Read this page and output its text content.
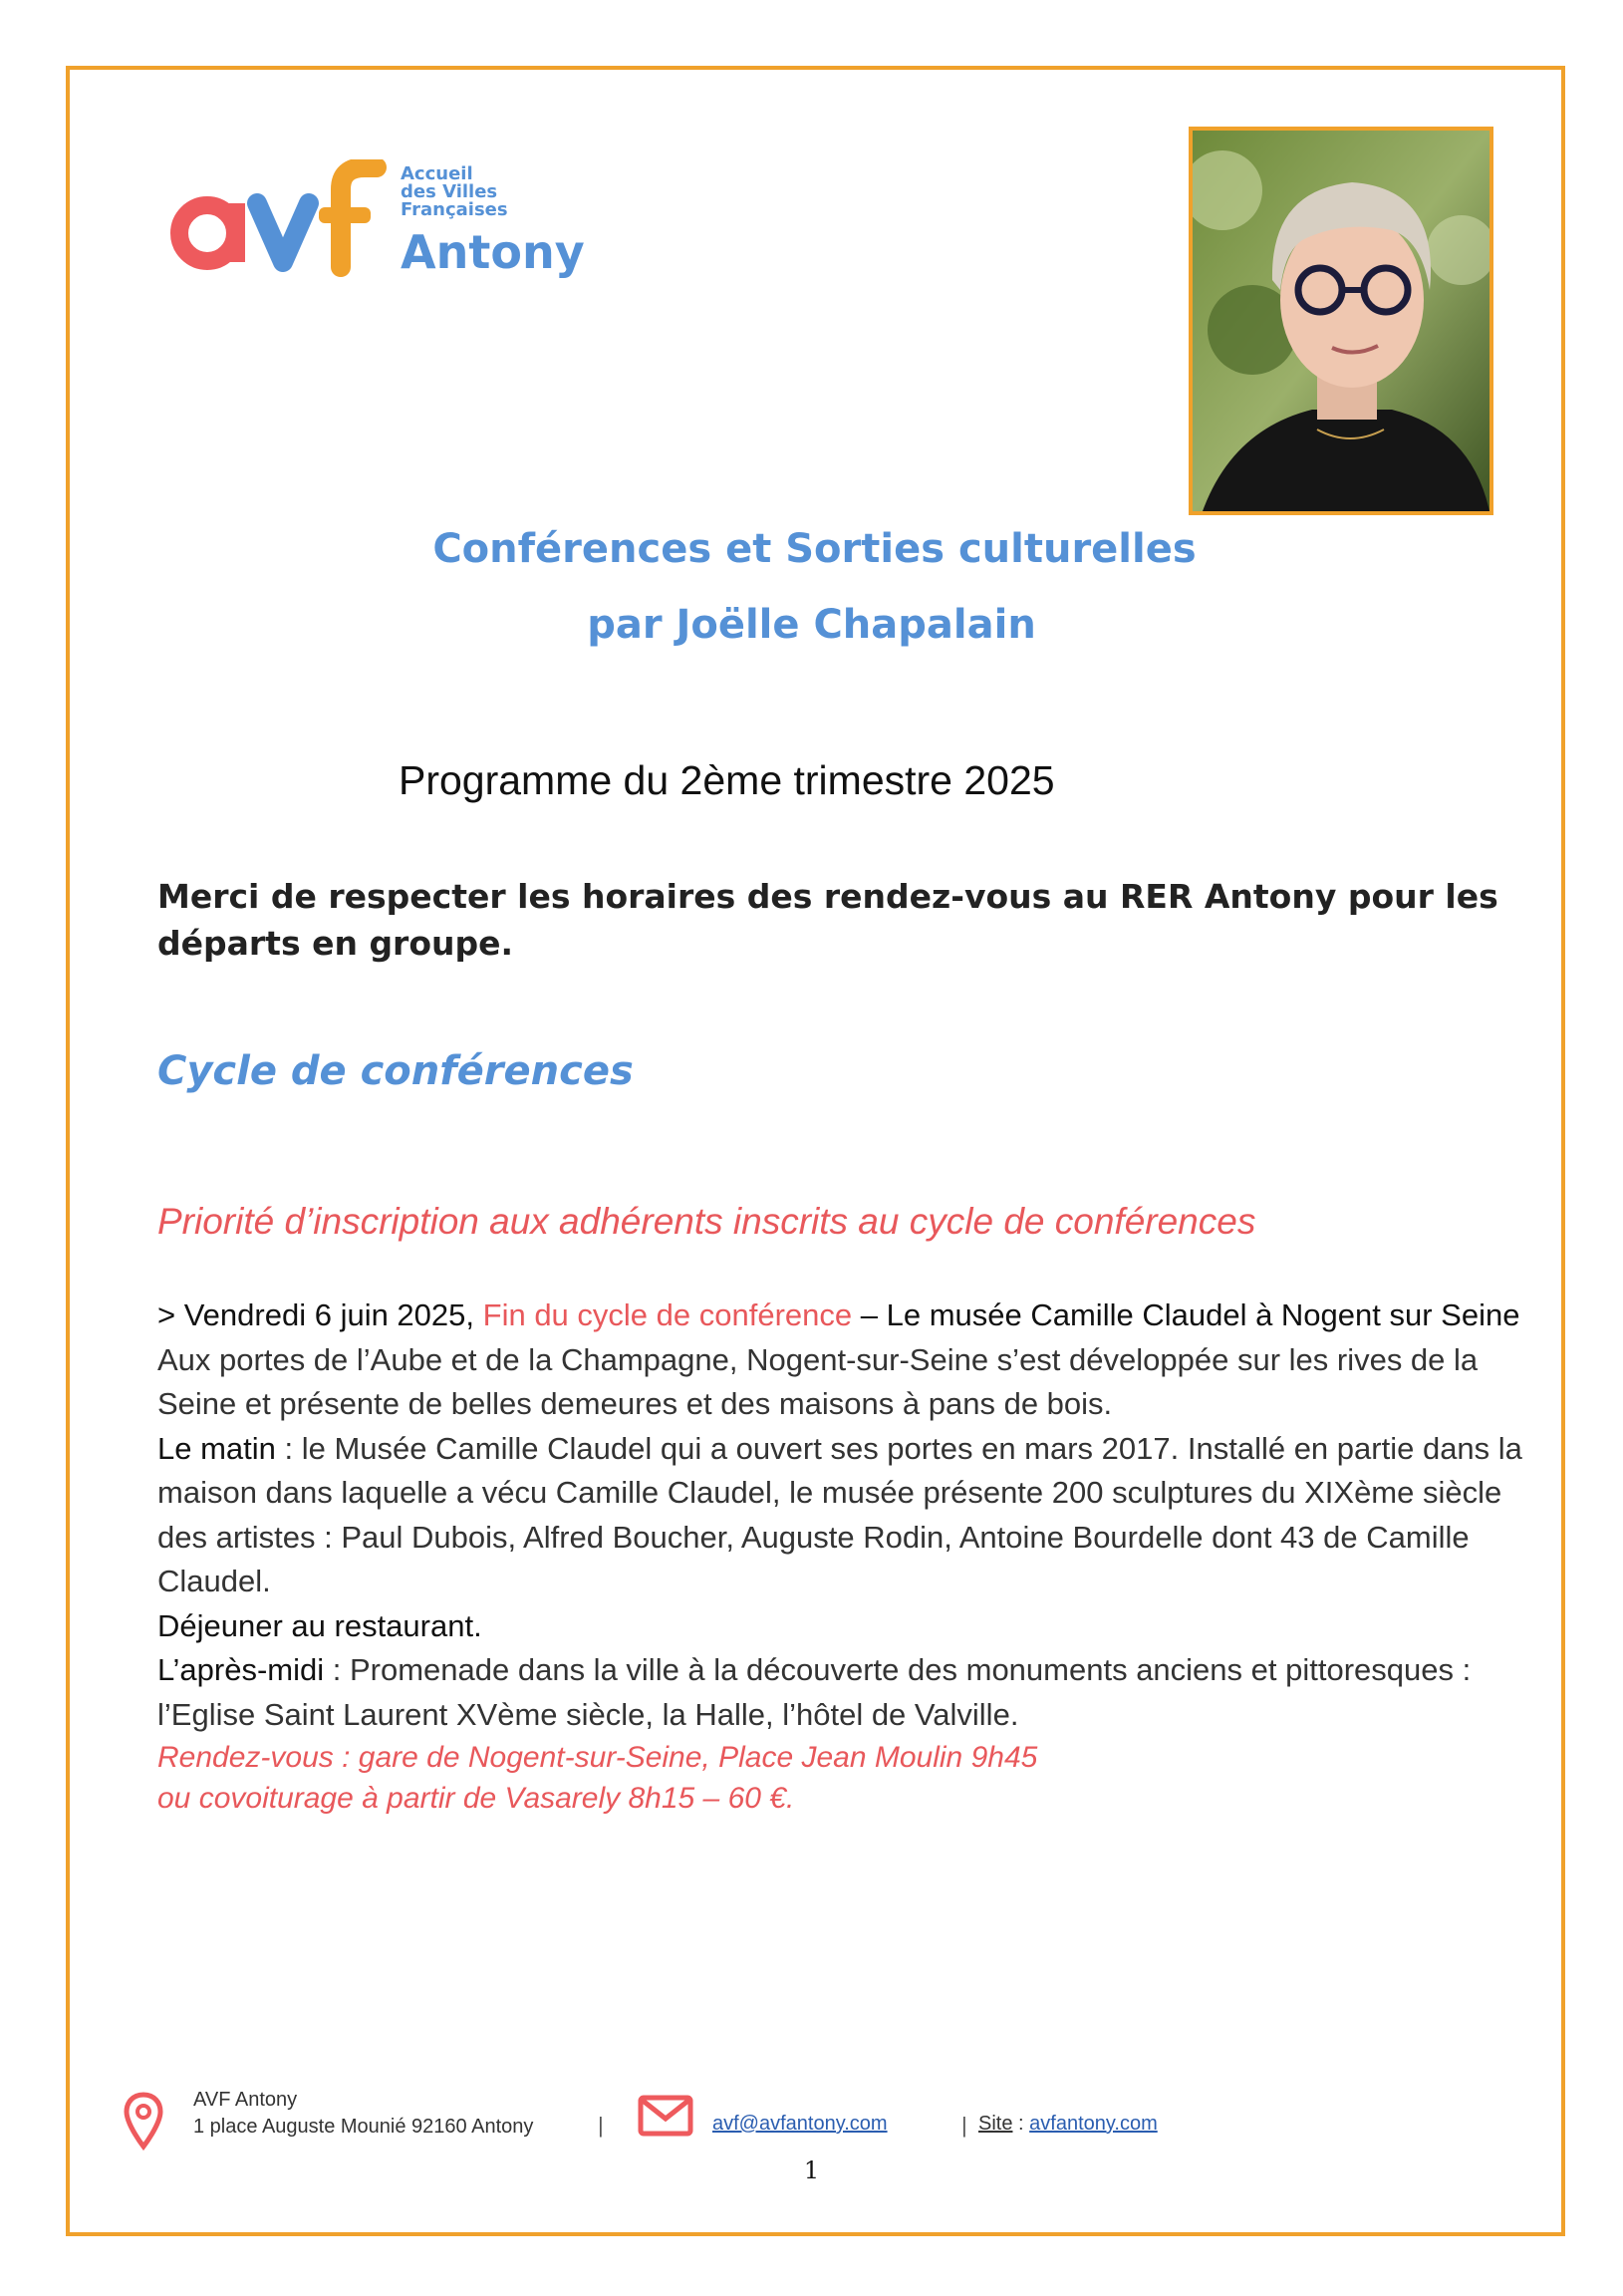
Accueil
des Villes
Françaises
Antony
Conférences et Sorties culturelles
par Joëlle Chapalain
Programme du 2ème trimestre 2025
Merci de respecter les horaires des rendez-vous au RER Antony pour les départs en groupe.
Cycle de conférences
Priorité d’inscription aux adhérents inscrits au cycle de conférences
> Vendredi 6 juin 2025, Fin du cycle de conférence – Le musée Camille Claudel à Nogent sur Seine
Aux portes de l’Aube et de la Champagne, Nogent-sur-Seine s’est développée sur les rives de la Seine et présente de belles demeures et des maisons à pans de bois.
Le matin : le Musée Camille Claudel qui a ouvert ses portes en mars 2017. Installé en partie dans la maison dans laquelle a vécu Camille Claudel, le musée présente 200 sculptures du XIXème siècle des artistes : Paul Dubois, Alfred Boucher, Auguste Rodin, Antoine Bourdelle dont 43 de Camille Claudel.
Déjeuner au restaurant.
L’après-midi : Promenade dans la ville à la découverte des monuments anciens et pittoresques : l’Eglise Saint Laurent XVème siècle, la Halle, l’hôtel de Valville.
Rendez-vous : gare de Nogent-sur-Seine, Place Jean Moulin 9h45
ou covoiturage à partir de Vasarely 8h15 – 60 €.
AVF Antony
1 place Auguste Mounié 92160 Antony	|	avf@avfantony.com	| Site : avfantony.com
1
